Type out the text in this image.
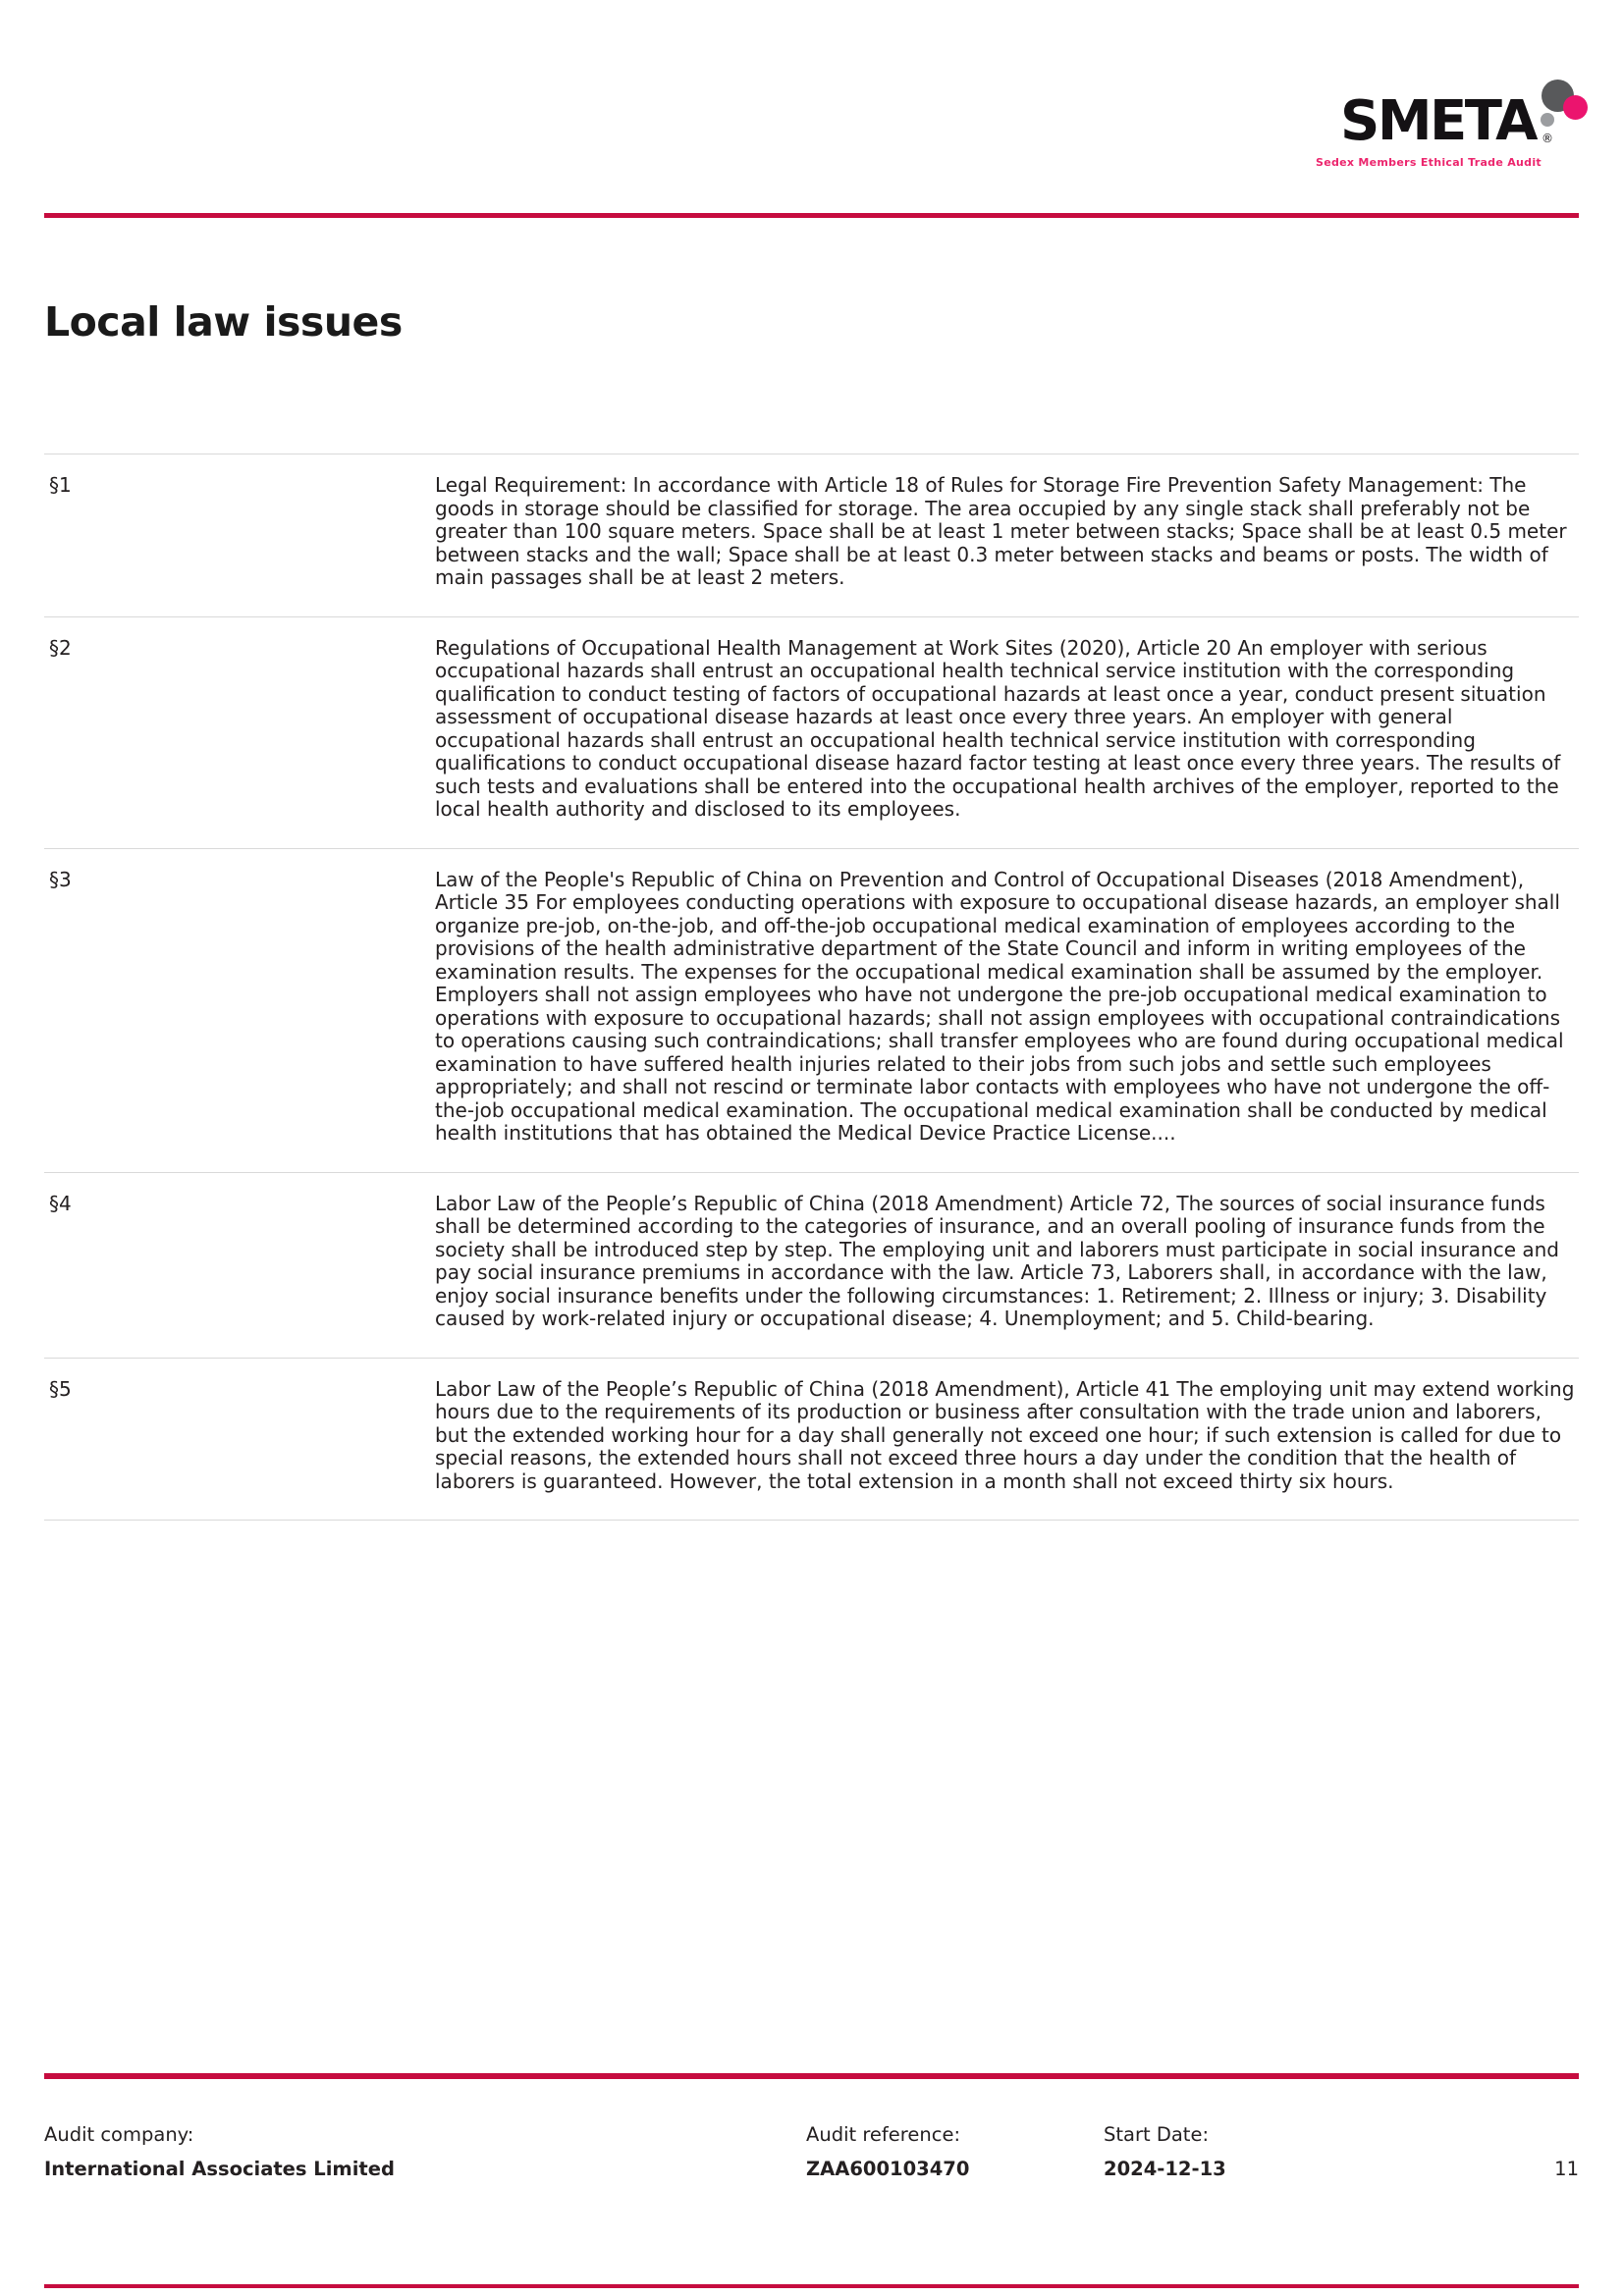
SMETA ®
Sedex Members Ethical Trade Audit
Local law issues
§1	Legal Requirement: In accordance with Article 18 of Rules for Storage Fire Prevention Safety Management: The goods in storage should be classified for storage. The area occupied by any single stack shall preferably not be greater than 100 square meters. Space shall be at least 1 meter between stacks; Space shall be at least 0.5 meter between stacks and the wall; Space shall be at least 0.3 meter between stacks and beams or posts. The width of main passages shall be at least 2 meters.
§2	Regulations of Occupational Health Management at Work Sites (2020), Article 20 An employer with serious occupational hazards shall entrust an occupational health technical service institution with the corresponding qualification to conduct testing of factors of occupational hazards at least once a year, conduct present situation assessment of occupational disease hazards at least once every three years. An employer with general occupational hazards shall entrust an occupational health technical service institution with corresponding qualifications to conduct occupational disease hazard factor testing at least once every three years. The results of such tests and evaluations shall be entered into the occupational health archives of the employer, reported to the local health authority and disclosed to its employees.
§3	Law of the People's Republic of China on Prevention and Control of Occupational Diseases (2018 Amendment), Article 35 For employees conducting operations with exposure to occupational disease hazards, an employer shall organize pre-job, on-the-job, and off-the-job occupational medical examination of employees according to the provisions of the health administrative department of the State Council and inform in writing employees of the examination results. The expenses for the occupational medical examination shall be assumed by the employer. Employers shall not assign employees who have not undergone the pre-job occupational medical examination to operations with exposure to occupational hazards; shall not assign employees with occupational contraindications to operations causing such contraindications; shall transfer employees who are found during occupational medical examination to have suffered health injuries related to their jobs from such jobs and settle such employees appropriately; and shall not rescind or terminate labor contacts with employees who have not undergone the off-the-job occupational medical examination. The occupational medical examination shall be conducted by medical health institutions that has obtained the Medical Device Practice License....
§4	Labor Law of the People’s Republic of China (2018 Amendment) Article 72, The sources of social insurance funds shall be determined according to the categories of insurance, and an overall pooling of insurance funds from the society shall be introduced step by step. The employing unit and laborers must participate in social insurance and pay social insurance premiums in accordance with the law. Article 73, Laborers shall, in accordance with the law, enjoy social insurance benefits under the following circumstances: 1. Retirement; 2. Illness or injury; 3. Disability caused by work-related injury or occupational disease; 4. Unemployment; and 5. Child-bearing.
§5	Labor Law of the People’s Republic of China (2018 Amendment), Article 41 The employing unit may extend working hours due to the requirements of its production or business after consultation with the trade union and laborers, but the extended working hour for a day shall generally not exceed one hour; if such extension is called for due to special reasons, the extended hours shall not exceed three hours a day under the condition that the health of laborers is guaranteed. However, the total extension in a month shall not exceed thirty six hours.
Audit company:
International Associates Limited
Audit reference:
ZAA600103470
Start Date:
2024-12-13	11
